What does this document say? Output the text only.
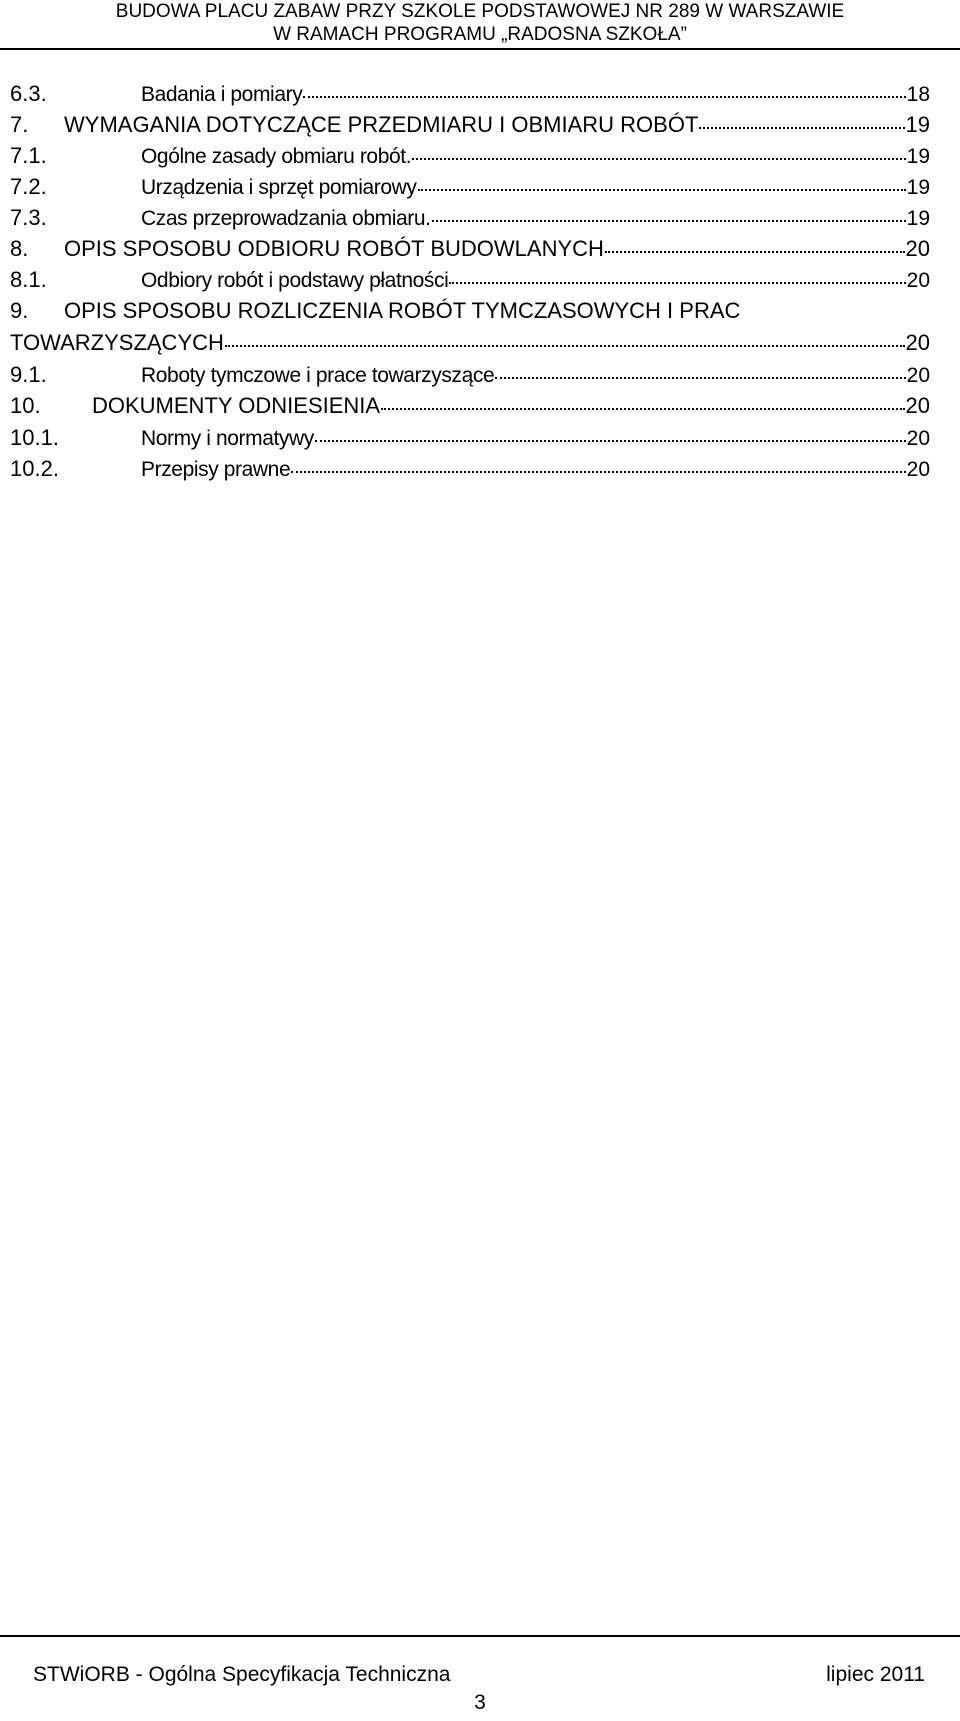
BUDOWA PLACU ZABAW PRZY SZKOLE PODSTAWOWEJ NR 289 W WARSZAWIE
W RAMACH PROGRAMU „RADOSNA SZKOŁA”
6.3.	Badania i pomiary	18
7.	WYMAGANIA DOTYCZĄCE PRZEDMIARU I OBMIARU ROBÓT	19
7.1.	Ogólne zasady obmiaru robót.	19
7.2.	Urządzenia i sprzęt pomiarowy	19
7.3.	Czas przeprowadzania obmiaru.	19
8.	OPIS SPOSOBU ODBIORU ROBÓT BUDOWLANYCH	20
8.1.	Odbiory robót i podstawy płatności	20
9. OPIS SPOSOBU ROZLICZENIA ROBÓT TYMCZASOWYCH I PRAC
TOWARZYSZĄCYCH	20
9.1.	Roboty tymczowe i prace towarzyszące	20
10.	DOKUMENTY ODNIESIENIA	20
10.1.	Normy i normatywy	20
10.2.	Przepisy prawne	20
STWiORB - Ogólna Specyfikacja Techniczna	lipiec 2011
3
